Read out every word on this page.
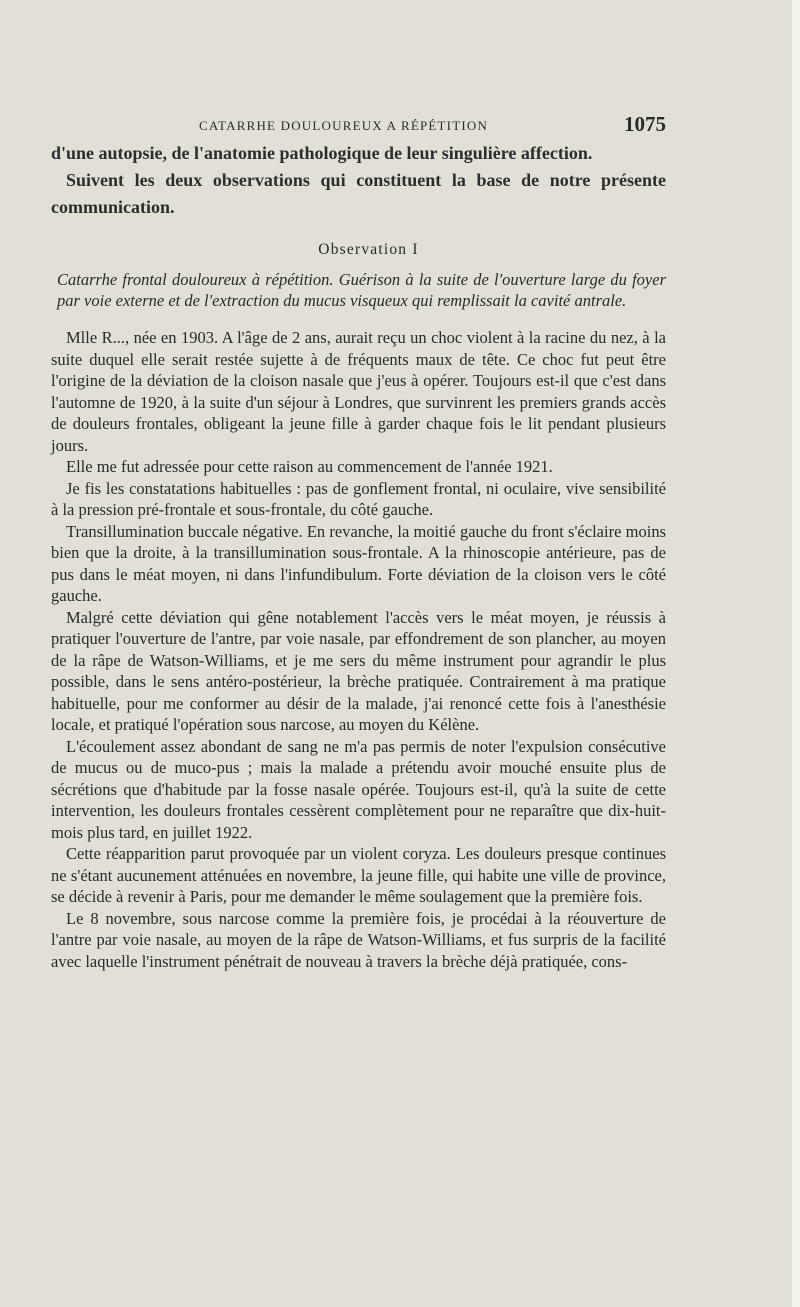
CATARRHE DOULOUREUX A RÉPÉTITION	1075

d'une autopsie, de l'anatomie pathologique de leur singulière affection.

Suivent les deux observations qui constituent la base de notre présente communication.

Observation I

Catarrhe frontal douloureux à répétition. Guérison à la suite de l'ouverture large du foyer par voie externe et de l'extraction du mucus visqueux qui remplissait la cavité antrale.

Mlle R..., née en 1903. A l'âge de 2 ans, aurait reçu un choc violent à la racine du nez, à la suite duquel elle serait restée sujette à de fréquents maux de tête. Ce choc fut peut être l'origine de la déviation de la cloison nasale que j'eus à opérer. Toujours est-il que c'est dans l'automne de 1920, à la suite d'un séjour à Londres, que survinrent les premiers grands accès de douleurs frontales, obligeant la jeune fille à garder chaque fois le lit pendant plusieurs jours.

Elle me fut adressée pour cette raison au commencement de l'année 1921.

Je fis les constatations habituelles : pas de gonflement frontal, ni oculaire, vive sensibilité à la pression pré-frontale et sous-frontale, du côté gauche.

Transillumination buccale négative. En revanche, la moitié gauche du front s'éclaire moins bien que la droite, à la transillumination sous-frontale. A la rhinoscopie antérieure, pas de pus dans le méat moyen, ni dans l'infundibulum. Forte déviation de la cloison vers le côté gauche.

Malgré cette déviation qui gêne notablement l'accès vers le méat moyen, je réussis à pratiquer l'ouverture de l'antre, par voie nasale, par effondrement de son plancher, au moyen de la râpe de Watson-Williams, et je me sers du même instrument pour agrandir le plus possible, dans le sens antéro-postérieur, la brèche pratiquée. Contrairement à ma pratique habituelle, pour me conformer au désir de la malade, j'ai renoncé cette fois à l'anesthésie locale, et pratiqué l'opération sous narcose, au moyen du Kélène.

L'écoulement assez abondant de sang ne m'a pas permis de noter l'expulsion consécutive de mucus ou de muco-pus ; mais la malade a prétendu avoir mouché ensuite plus de sécrétions que d'habitude par la fosse nasale opérée. Toujours est-il, qu'à la suite de cette intervention, les douleurs frontales cessèrent complètement pour ne reparaître que dix-huit-mois plus tard, en juillet 1922.

Cette réapparition parut provoquée par un violent coryza. Les douleurs presque continues ne s'étant aucunement atténuées en novembre, la jeune fille, qui habite une ville de province, se décide à revenir à Paris, pour me demander le même soulagement que la première fois.

Le 8 novembre, sous narcose comme la première fois, je procédai à la réouverture de l'antre par voie nasale, au moyen de la râpe de Watson-Williams, et fus surpris de la facilité avec laquelle l'instrument pénétrait de nouveau à travers la brèche déjà pratiquée, cons-
